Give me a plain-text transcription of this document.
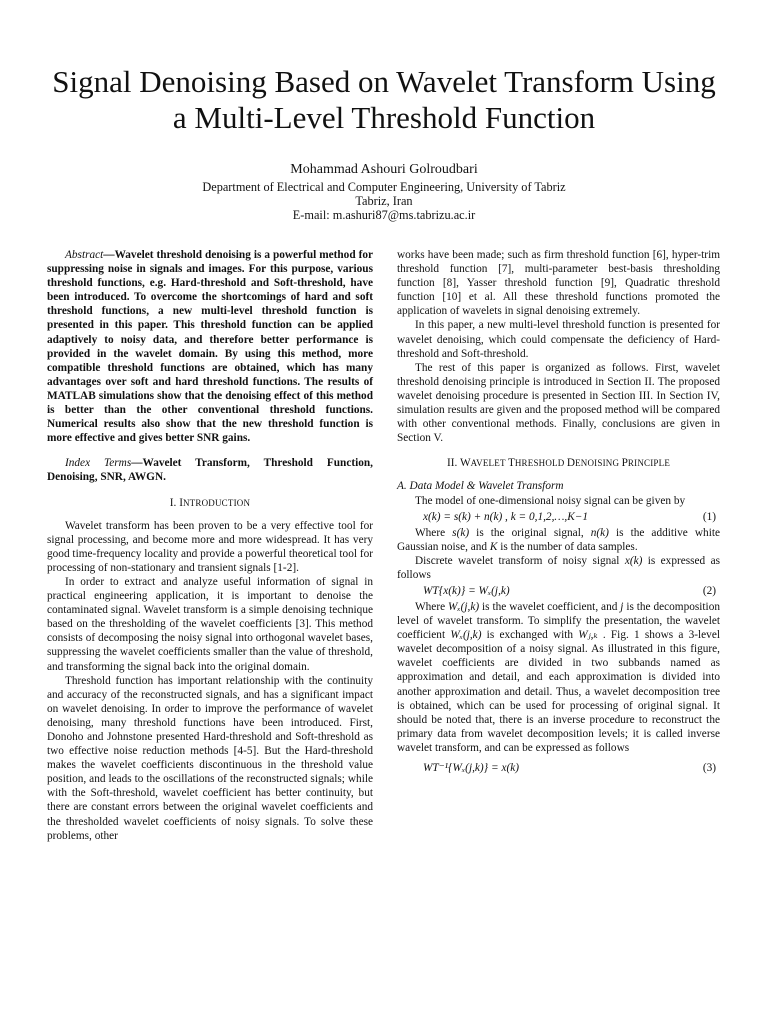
Signal Denoising Based on Wavelet Transform Using
a Multi-Level Threshold Function
Mohammad Ashouri Golroudbari
Department of Electrical and Computer Engineering, University of Tabriz
Tabriz, Iran
E-mail: m.ashuri87@ms.tabrizu.ac.ir

Abstract—Wavelet threshold denoising is a powerful method for suppressing noise in signals and images. For this purpose, various threshold functions, e.g. Hard-threshold and Soft-threshold, have been introduced. To overcome the shortcomings of hard and soft threshold functions, a new multi-level threshold function is presented in this paper. This threshold function can be applied adaptively to noisy data, and therefore better performance is provided in the wavelet domain. By using this method, more compatible threshold functions are obtained, which has many advantages over soft and hard threshold functions. The results of MATLAB simulations show that the denoising effect of this method is better than the other conventional threshold functions. Numerical results also show that the new threshold function is more effective and gives better SNR gains.

Index Terms—Wavelet Transform, Threshold Function, Denoising, SNR, AWGN.

I. INTRODUCTION

Wavelet transform has been proven to be a very effective tool for signal processing, and become more and more widespread. It has very good time-frequency locality and provide a powerful theoretical tool for processing of non-stationary and transient signals [1-2].

In order to extract and analyze useful information of signal in practical engineering application, it is important to denoise the contaminated signal. Wavelet transform is a simple denoising technique based on the thresholding of the wavelet coefficients [3]. This method consists of decomposing the noisy signal into orthogonal wavelet bases, suppressing the wavelet coefficients smaller than the value of threshold, and transforming the signal back into the original domain.

Threshold function has important relationship with the continuity and accuracy of the reconstructed signals, and has a significant impact on wavelet denoising. In order to improve the performance of wavelet denoising, many threshold functions have been introduced. First, Donoho and Johnstone presented Hard-threshold and Soft-threshold as two effective noise reduction methods [4-5]. But the Hard-threshold makes the wavelet coefficients discontinuous in the threshold value position, and leads to the oscillations of the reconstructed signals; while with the Soft-threshold, wavelet coefficient has better continuity, but there are constant errors between the original wavelet coefficients and the thresholded wavelet coefficients of noisy signals. To solve these problems, other

works have been made; such as firm threshold function [6], hyper-trim threshold function [7], multi-parameter best-basis thresholding function [8], Yasser threshold function [9], Quadratic threshold function [10] et al. All these threshold functions promoted the application of wavelets in signal denoising extremely.

In this paper, a new multi-level threshold function is presented for wavelet denoising, which could compensate the deficiency of Hard-threshold and Soft-threshold.

The rest of this paper is organized as follows. First, wavelet threshold denoising principle is introduced in Section II. The proposed wavelet denoising procedure is presented in Section III. In Section IV, simulation results are given and the proposed method will be compared with other conventional methods. Finally, conclusions are given in Section V.

II. WAVELET THRESHOLD DENOISING PRINCIPLE

A. Data Model & Wavelet Transform

The model of one-dimensional noisy signal can be given by

x(k) = s(k) + n(k) , k = 0,1,2,…,K−1	(1)

Where s(k) is the original signal, n(k) is the additive white Gaussian noise, and K is the number of data samples.

Discrete wavelet transform of noisy signal x(k) is expressed as follows

WT{x(k)} = Wₓ(j,k)	(2)

Where Wₓ(j,k) is the wavelet coefficient, and j is the decomposition level of wavelet transform. To simplify the presentation, the wavelet coefficient Wₓ(j,k) is exchanged with Wⱼ,ₖ . Fig. 1 shows a 3-level wavelet decomposition of a noisy signal. As illustrated in this figure, wavelet coefficients are divided in two subbands named as approximation and detail, and each approximation is divided into another approximation and detail. Thus, a wavelet decomposition tree is obtained, which can be used for processing of original signal. It should be noted that, there is an inverse procedure to reconstruct the primary data from wavelet decomposition levels; it is called inverse wavelet transform, and can be expressed as follows

WT⁻¹{Wₓ(j,k)} = x(k)	(3)
